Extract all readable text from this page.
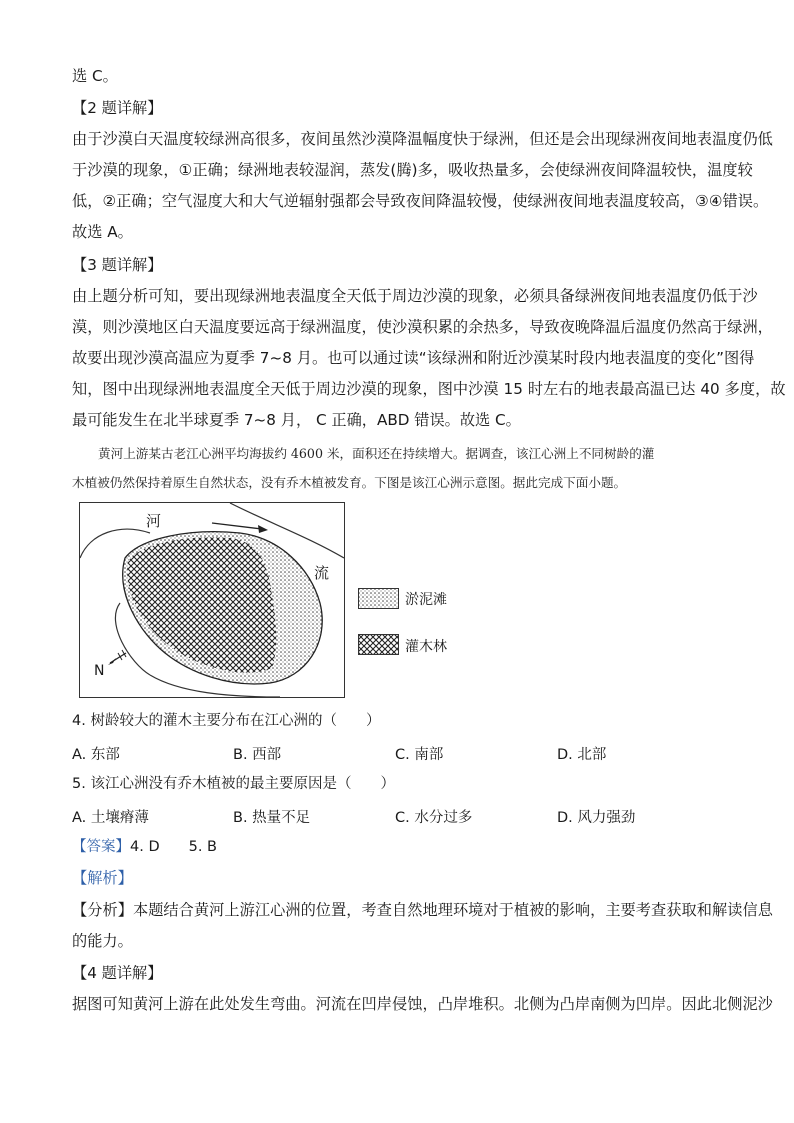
选 C。
【2 题详解】
由于沙漠白天温度较绿洲高很多，夜间虽然沙漠降温幅度快于绿洲，但还是会出现绿洲夜间地表温度仍低
于沙漠的现象，①正确；绿洲地表较湿润，蒸发(腾)多，吸收热量多，会使绿洲夜间降温较快，温度较
低，②正确；空气湿度大和大气逆辐射强都会导致夜间降温较慢，使绿洲夜间地表温度较高，③④错误。
故选 A。
【3 题详解】
由上题分析可知，要出现绿洲地表温度全天低于周边沙漠的现象，必须具备绿洲夜间地表温度仍低于沙
漠，则沙漠地区白天温度要远高于绿洲温度，使沙漠积累的余热多，导致夜晚降温后温度仍然高于绿洲，
故要出现沙漠高温应为夏季 7~8 月。也可以通过读“该绿洲和附近沙漠某时段内地表温度的变化”图得
知，图中出现绿洲地表温度全天低于周边沙漠的现象，图中沙漠 15 时左右的地表最高温已达 40 多度，故
最可能发生在北半球夏季 7~8 月， C 正确，ABD 错误。故选 C。
黄河上游某古老江心洲平均海拔约 4600 米，面积还在持续增大。据调查，该江心洲上不同树龄的灌
木植被仍然保持着原生自然状态，没有乔木植被发育。下图是该江心洲示意图。据此完成下面小题。
河
流
N
淤泥滩
灌木林
4. 树龄较大的灌木主要分布在江心洲的（　　）
A. 东部	B. 西部	C. 南部	D. 北部
5. 该江心洲没有乔木植被的最主要原因是（　　）
A. 土壤瘠薄	B. 热量不足	C. 水分过多	D. 风力强劲
【答案】4. D　　5. B
【解析】
【分析】本题结合黄河上游江心洲的位置，考查自然地理环境对于植被的影响，主要考查获取和解读信息
的能力。
【4 题详解】
据图可知黄河上游在此处发生弯曲。河流在凹岸侵蚀，凸岸堆积。北侧为凸岸南侧为凹岸。因此北侧泥沙
